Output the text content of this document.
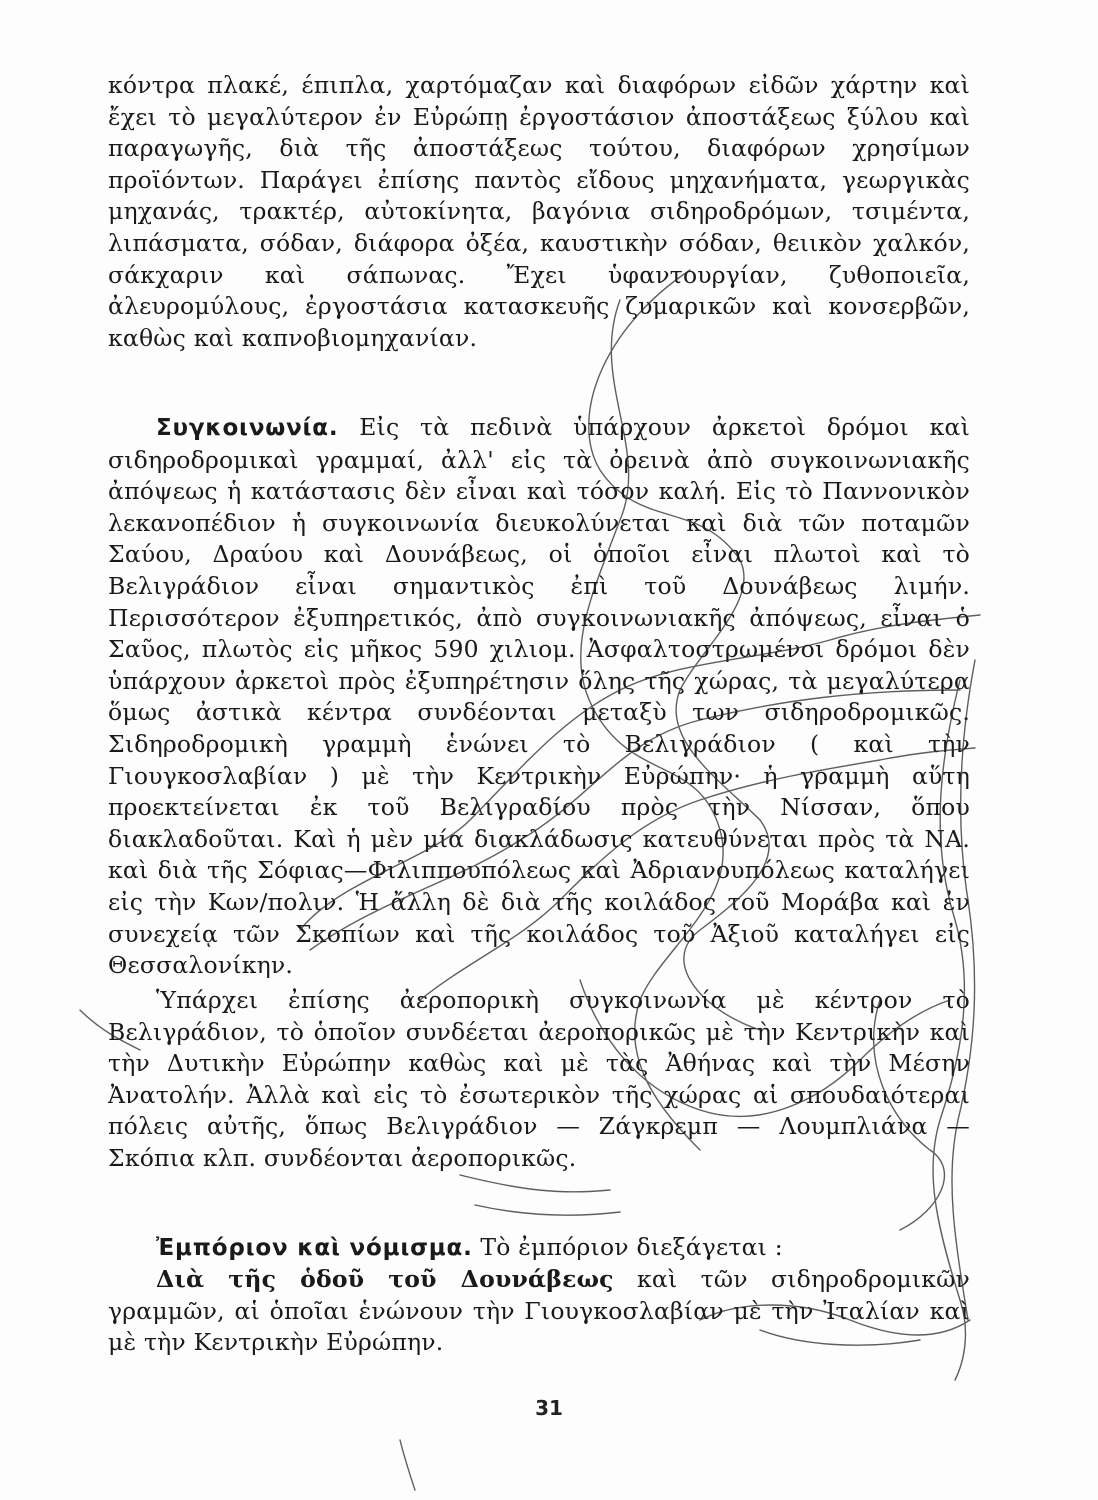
κόντρα πλακέ, έπιπλα, χαρτόμαζαν καὶ διαφόρων εἰδῶν χάρτην καὶ ἔχει τὸ μεγαλύτερον ἐν Εὐρώπῃ ἐργοστάσιον ἀποστάξεως ξύλου καὶ παραγωγῆς, διὰ τῆς ἀποστάξεως τούτου, διαφόρων χρησίμων προϊόντων. Παράγει ἐπίσης παντὸς εἴδους μηχανήματα, γεωργικὰς μηχανάς, τρακτέρ, αὐτοκίνητα, βαγόνια σιδηροδρόμων, τσιμέντα, λιπάσματα, σόδαν, διάφορα ὀξέα, καυστικὴν σόδαν, θειικὸν χαλκόν, σάκχαριν καὶ σάπωνας. Ἔχει ὑφαντουργίαν, ζυθοποιεῖα, ἀλευρομύλους, ἐργοστάσια κατασκευῆς ζυμαρικῶν καὶ κονσερβῶν, καθὼς καὶ καπνοβιομηχανίαν.

Συγκοινωνία. Εἰς τὰ πεδινὰ ὑπάρχουν ἀρκετοὶ δρόμοι καὶ σιδηροδρομικαὶ γραμμαί, ἀλλ' εἰς τὰ ὀρεινὰ ἀπὸ συγκοινωνιακῆς ἀπόψεως ἡ κατάστασις δὲν εἶναι καὶ τόσον καλή. Εἰς τὸ Παννονικὸν λεκανοπέδιον ἡ συγκοινωνία διευκολύνεται καὶ διὰ τῶν ποταμῶν Σαύου, Δραύου καὶ Δουνάβεως, οἱ ὁποῖοι εἶναι πλωτοὶ καὶ τὸ Βελιγράδιον εἶναι σημαντικὸς ἐπὶ τοῦ Δουνάβεως λιμήν. Περισσότερον ἐξυπηρετικός, ἀπὸ συγκοινωνιακῆς ἀπόψεως, εἶναι ὁ Σαῦος, πλωτὸς εἰς μῆκος 590 χιλιομ. Ἀσφαλτοστρωμένοι δρόμοι δὲν ὑπάρχουν ἀρκετοὶ πρὸς ἐξυπηρέτησιν ὅλης τῆς χώρας, τὰ μεγαλύτερα ὅμως ἀστικὰ κέντρα συνδέονται μεταξὺ των σιδηροδρομικῶς. Σιδηροδρομικὴ γραμμὴ ἑνώνει τὸ Βελιγράδιον ( καὶ τὴν Γιουγκοσλαβίαν ) μὲ τὴν Κεντρικὴν Εὐρώπην· ἡ γραμμὴ αὕτη προεκτείνεται ἐκ τοῦ Βελιγραδίου πρὸς τὴν Νίσσαν, ὅπου διακλαδοῦται. Καὶ ἡ μὲν μία διακλάδωσις κατευθύνεται πρὸς τὰ ΝΑ. καὶ διὰ τῆς Σόφιας—Φιλιππουπόλεως καὶ Ἀδριανουπόλεως καταλήγει εἰς τὴν Κων/πολιν. Ἡ ἄλλη δὲ διὰ τῆς κοιλάδος τοῦ Μοράβα καὶ ἐν συνεχείᾳ τῶν Σκοπίων καὶ τῆς κοιλάδος τοῦ Ἀξιοῦ καταλήγει εἰς Θεσσαλονίκην.

Ὑπάρχει ἐπίσης ἀεροπορικὴ συγκοινωνία μὲ κέντρον τὸ Βελιγράδιον, τὸ ὁποῖον συνδέεται ἀεροπορικῶς μὲ τὴν Κεντρικὴν καὶ τὴν Δυτικὴν Εὐρώπην καθὼς καὶ μὲ τὰς Ἀθήνας καὶ τὴν Μέσην Ἀνατολήν. Ἀλλὰ καὶ εἰς τὸ ἐσωτερικὸν τῆς χώρας αἱ σπουδαιότεραι πόλεις αὐτῆς, ὅπως Βελιγράδιον — Ζάγκρεμπ — Λουμπλιάνα — Σκόπια κλπ. συνδέονται ἀεροπορικῶς.

Ἐμπόριον καὶ νόμισμα. Τὸ ἐμπόριον διεξάγεται :

Διὰ τῆς ὁδοῦ τοῦ Δουνάβεως καὶ τῶν σιδηροδρομικῶν γραμμῶν, αἱ ὁποῖαι ἑνώνουν τὴν Γιουγκοσλαβίαν μὲ τὴν Ἰταλίαν καὶ μὲ τὴν Κεντρικὴν Εὐρώπην.

31
